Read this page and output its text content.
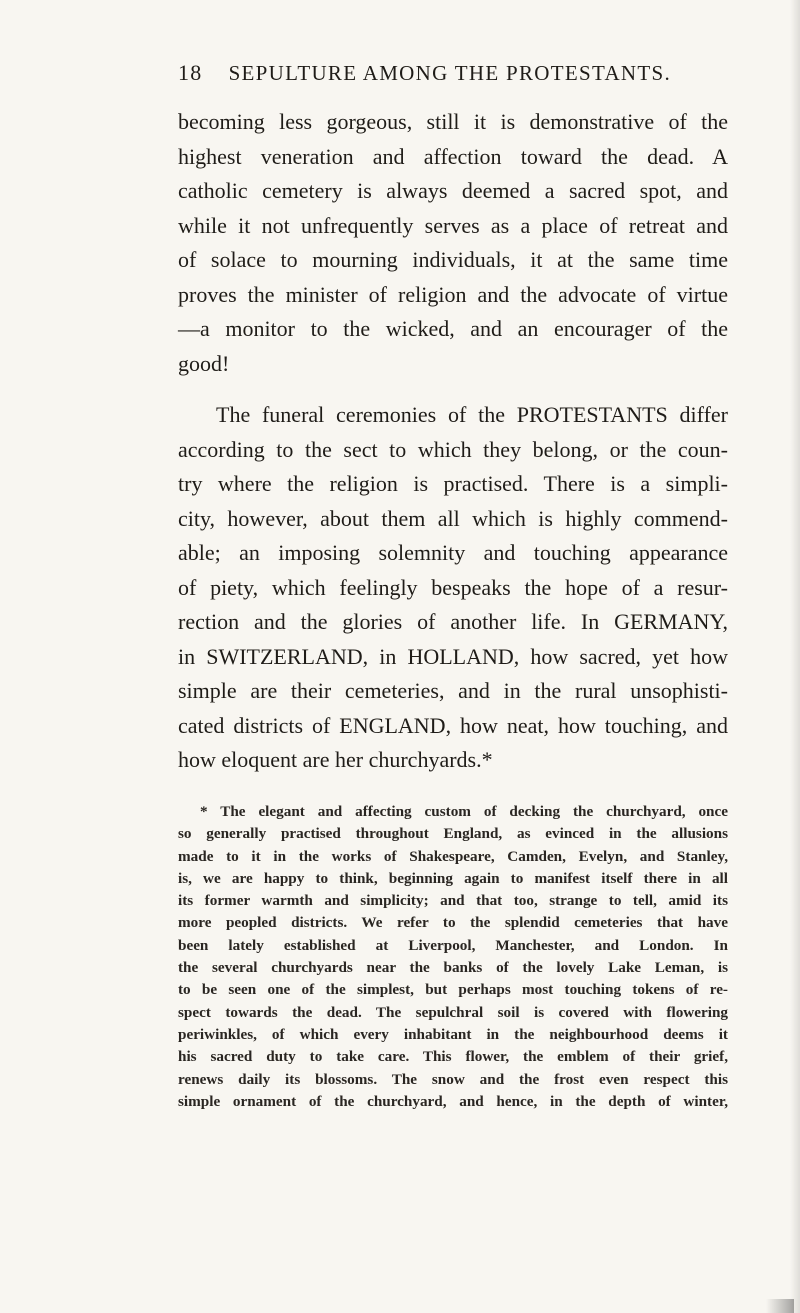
18 SEPULTURE AMONG THE PROTESTANTS.
becoming less gorgeous, still it is demonstrative of the
highest veneration and affection toward the dead. A
catholic cemetery is always deemed a sacred spot, and
while it not unfrequently serves as a place of retreat and
of solace to mourning individuals, it at the same time
proves the minister of religion and the advocate of virtue
—a monitor to the wicked, and an encourager of the
good!
The funeral ceremonies of the PROTESTANTS differ
according to the sect to which they belong, or the coun-
try where the religion is practised. There is a simpli-
city, however, about them all which is highly commend-
able; an imposing solemnity and touching appearance
of piety, which feelingly bespeaks the hope of a resur-
rection and the glories of another life. In GERMANY,
in SWITZERLAND, in HOLLAND, how sacred, yet how
simple are their cemeteries, and in the rural unsophisti-
cated districts of ENGLAND, how neat, how touching, and
how eloquent are her churchyards.*
* The elegant and affecting custom of decking the churchyard, once
so generally practised throughout England, as evinced in the allusions
made to it in the works of Shakespeare, Camden, Evelyn, and Stanley,
is, we are happy to think, beginning again to manifest itself there in all
its former warmth and simplicity; and that too, strange to tell, amid its
more peopled districts. We refer to the splendid cemeteries that have
been lately established at Liverpool, Manchester, and London. In
the several churchyards near the banks of the lovely Lake Leman, is
to be seen one of the simplest, but perhaps most touching tokens of re-
spect towards the dead. The sepulchral soil is covered with flowering
periwinkles, of which every inhabitant in the neighbourhood deems it
his sacred duty to take care. This flower, the emblem of their grief,
renews daily its blossoms. The snow and the frost even respect this
simple ornament of the churchyard, and hence, in the depth of winter,
